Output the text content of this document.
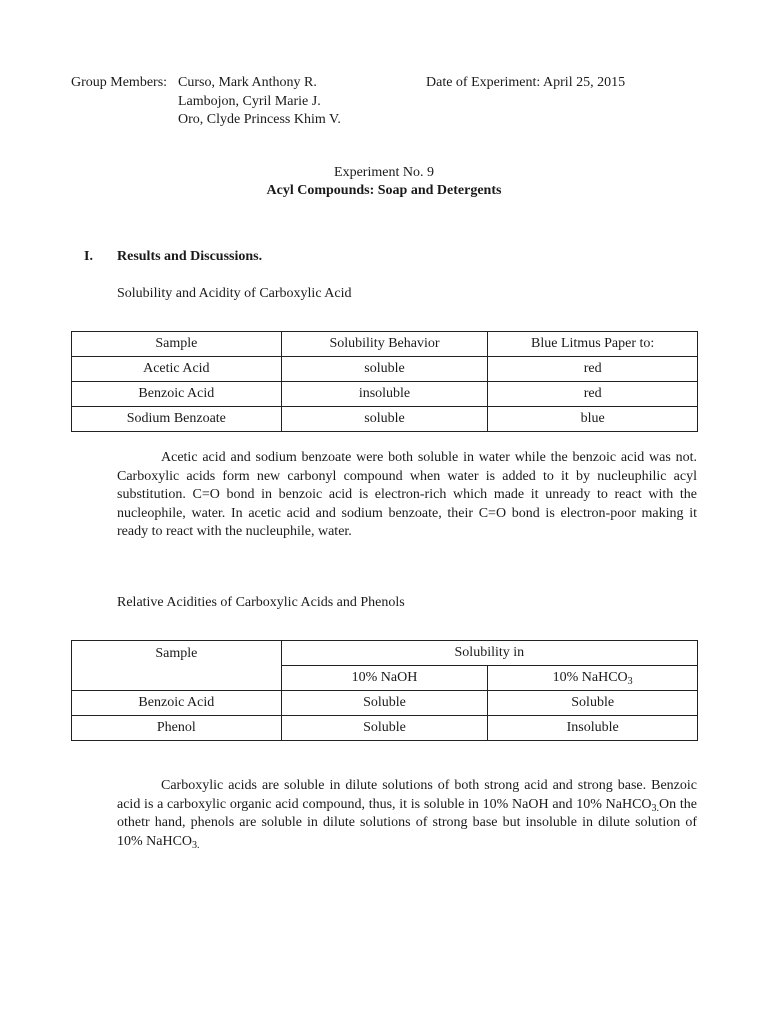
Group Members: Curso, Mark Anthony R.
Lambojon, Cyril Marie J.
Oro, Clyde Princess Khim V.
Date of Experiment: April 25, 2015
Experiment No. 9
Acyl Compounds: Soap and Detergents
I. Results and Discussions.
Solubility and Acidity of Carboxylic Acid
Sample	Solubility Behavior	Blue Litmus Paper to:
Acetic Acid	soluble	red
Benzoic Acid	insoluble	red
Sodium Benzoate	soluble	blue
Acetic acid and sodium benzoate were both soluble in water while the benzoic acid was not. Carboxylic acids form new carbonyl compound when water is added to it by nucleuphilic acyl substitution. C=O bond in benzoic acid is electron-rich which made it unready to react with the nucleophile, water. In acetic acid and sodium benzoate, their C=O bond is electron-poor making it ready to react with the nucleuphile, water.
Relative Acidities of Carboxylic Acids and Phenols
Sample	Solubility in	
	10% NaOH	10% NaHCO$_3$
Benzoic Acid	Soluble	Soluble
Phenol	Soluble	Insoluble
Carboxylic acids are soluble in dilute solutions of both strong acid and strong base. Benzoic acid is a carboxylic organic acid compound, thus, it is soluble in 10% NaOH and 10% NaHCO$_{3.}$On the othetr hand, phenols are soluble in dilute solutions of strong base but insoluble in dilute solution of 10% NaHCO$_{3.}$
